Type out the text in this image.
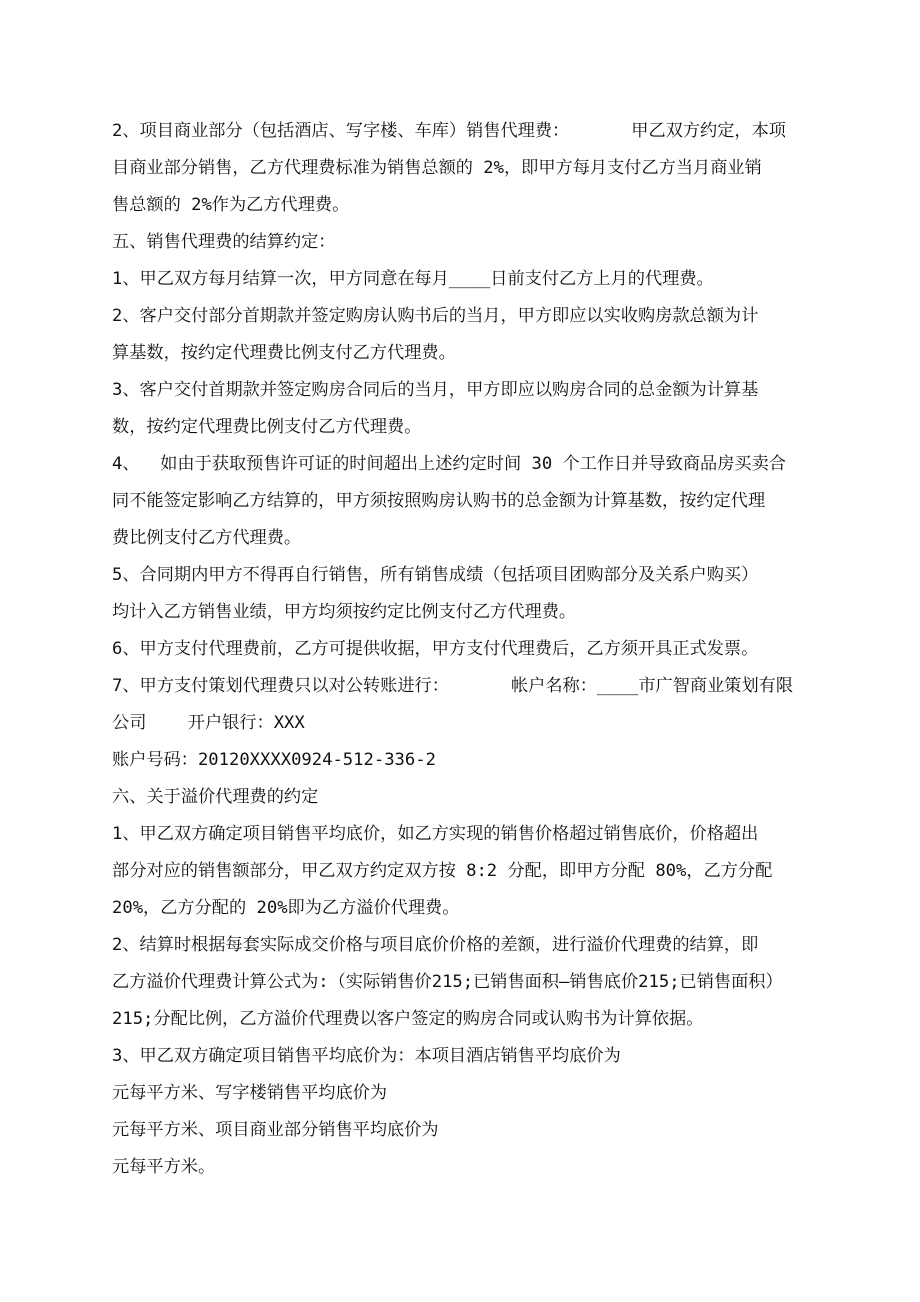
2、项目商业部分（包括酒店、写字楼、车库）销售代理费：      甲乙双方约定，本项
目商业部分销售，乙方代理费标准为销售总额的 2%，即甲方每月支付乙方当月商业销
售总额的 2%作为乙方代理费。

五、销售代理费的结算约定：

1、甲乙双方每月结算一次，甲方同意在每月____日前支付乙方上月的代理费。

2、客户交付部分首期款并签定购房认购书后的当月，甲方即应以实收购房款总额为计
算基数，按约定代理费比例支付乙方代理费。

3、客户交付首期款并签定购房合同后的当月，甲方即应以购房合同的总金额为计算基
数，按约定代理费比例支付乙方代理费。

4、  如由于获取预售许可证的时间超出上述约定时间 30 个工作日并导致商品房买卖合
同不能签定影响乙方结算的，甲方须按照购房认购书的总金额为计算基数，按约定代理
费比例支付乙方代理费。

5、合同期内甲方不得再自行销售，所有销售成绩（包括项目团购部分及关系户购买）
均计入乙方销售业绩，甲方均须按约定比例支付乙方代理费。

6、甲方支付代理费前，乙方可提供收据，甲方支付代理费后，乙方须开具正式发票。

7、甲方支付策划代理费只以对公转账进行：      帐户名称：____市广智商业策划有限
公司    开户银行：XXX

账户号码：20120XXXX0924-512-336-2

六、关于溢价代理费的约定

1、甲乙双方确定项目销售平均底价，如乙方实现的销售价格超过销售底价，价格超出
部分对应的销售额部分，甲乙双方约定双方按 8:2 分配，即甲方分配 80%，乙方分配
20%，乙方分配的 20%即为乙方溢价代理费。

2、结算时根据每套实际成交价格与项目底价价格的差额，进行溢价代理费的结算，即
乙方溢价代理费计算公式为:（实际销售价215;已销售面积—销售底价215;已销售面积）
215;分配比例，乙方溢价代理费以客户签定的购房合同或认购书为计算依据。

3、甲乙双方确定项目销售平均底价为：本项目酒店销售平均底价为
元每平方米、写字楼销售平均底价为
元每平方米、项目商业部分销售平均底价为
元每平方米。
